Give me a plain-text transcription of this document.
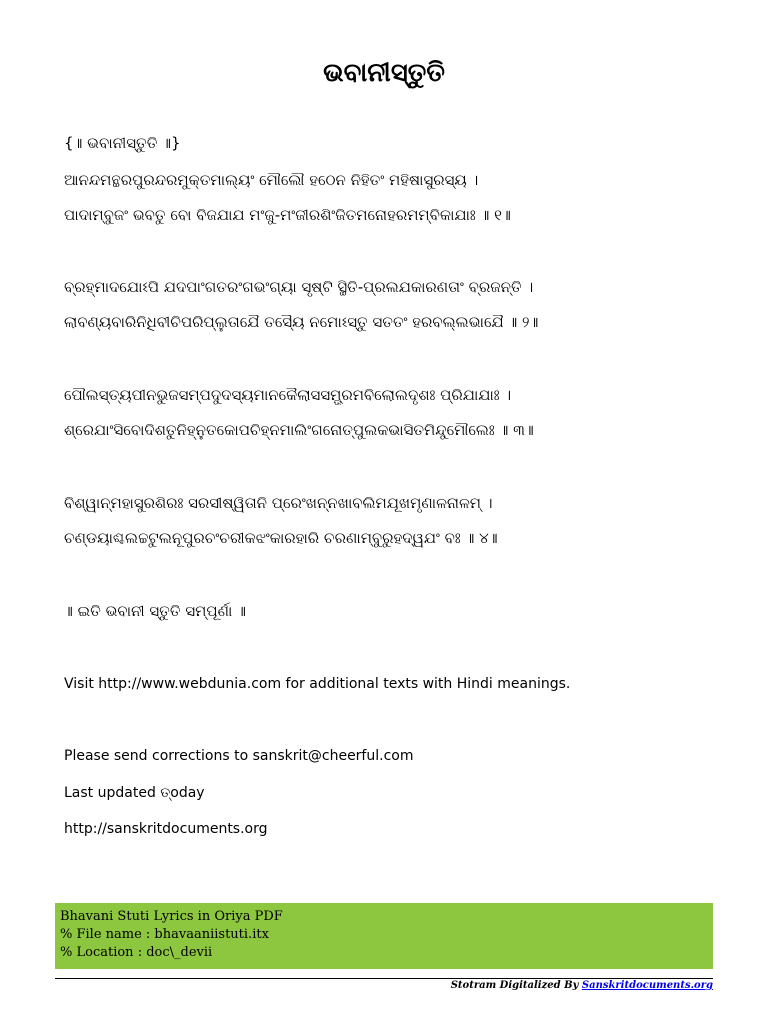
ଭବାନୀସ୍ତୁତି
{॥ ଭବାନୀସ୍ତୁତି ॥}
ଆନନ୍ଦମନ୍ଥରପୁରନ୍ଦରମୁକ୍ତମାଲ୍ୟଂ ମୌଲୌ ହଠେନ ନିହିତଂ ମହିଷାସୁରସ୍ୟ ।
ପାଦାମ୍ବୁଜଂ ଭବତୁ ବୋ ବିଜଯାଯ ମଂଜୁ-ମଂଜୀରଶିଂଜିତମନୋହରମମ୍ବିକାଯାଃ ॥ ୧॥
ବ୍ରହ୍ମାଦଯୋଽପି ଯଦପାଂଗତରଂଗଭଂଗ୍ୟା ସୃଷ୍ଟି ସ୍ଥିତି-ପ୍ରଲଯକାରଣତାଂ ବ୍ରଜନ୍ତି ।
ଲାବଣ୍ୟବାରିନିଧିବୀଚିପରିପ୍ଲୁତାଯୈ ତସ୍ୟୈ ନମୋଽସ୍ତୁ ସତତଂ ହରବଲ୍ଲଭାଯୈ ॥ ୨॥
ପୌଲସ୍ତ୍ୟପୀନଭୁଜସମ୍ପଦୁଦସ୍ୟମାନକୈଲାସସମ୍ଭ୍ରମବିଲୋଲଦୃଶଃ ପ୍ରିଯାଯାଃ ।
ଶ୍ରେଯାଂସିବୋଦିଶତୁନିହ୍ନୁତକୋପଚିହ୍ନମାଲିଂଗନୋତ୍ପୁଲକଭାସିତମିନ୍ଦୁମୌଲେଃ ॥ ୩॥
ବିଶ୍ୱାନ୍ମହାସୁରଶିରଃ ସରସୀଷ୍ୱିତାନି ପ୍ରେଂଖନ୍ନଖାବଲିମଯୂଖମୃଣାଳନାଳମ୍ ।
ଚଣ୍ଡୟାଶ୍ଚଲଚ୍ଚଟୁଲନୂପୁରଚଂଚରୀକଝଂକାରହାରି ଚରଣାମ୍ବୁରୁହଦ୍ୱଯଂ ବଃ ॥ ୪॥
॥ ଇତି ଭବାନୀ ସ୍ତୁତି ସମ୍ପୂର୍ଣା ॥
Visit http://www.webdunia.com for additional texts with Hindi meanings.
Please send corrections to sanskrit@cheerful.com
Last updated ତ୍oday
http://sanskritdocuments.org
Bhavani Stuti Lyrics in Oriya PDF
% File name : bhavaaniistuti.itx
% Location : doc\_devii
Stotram Digitalized By Sanskritdocuments.org
